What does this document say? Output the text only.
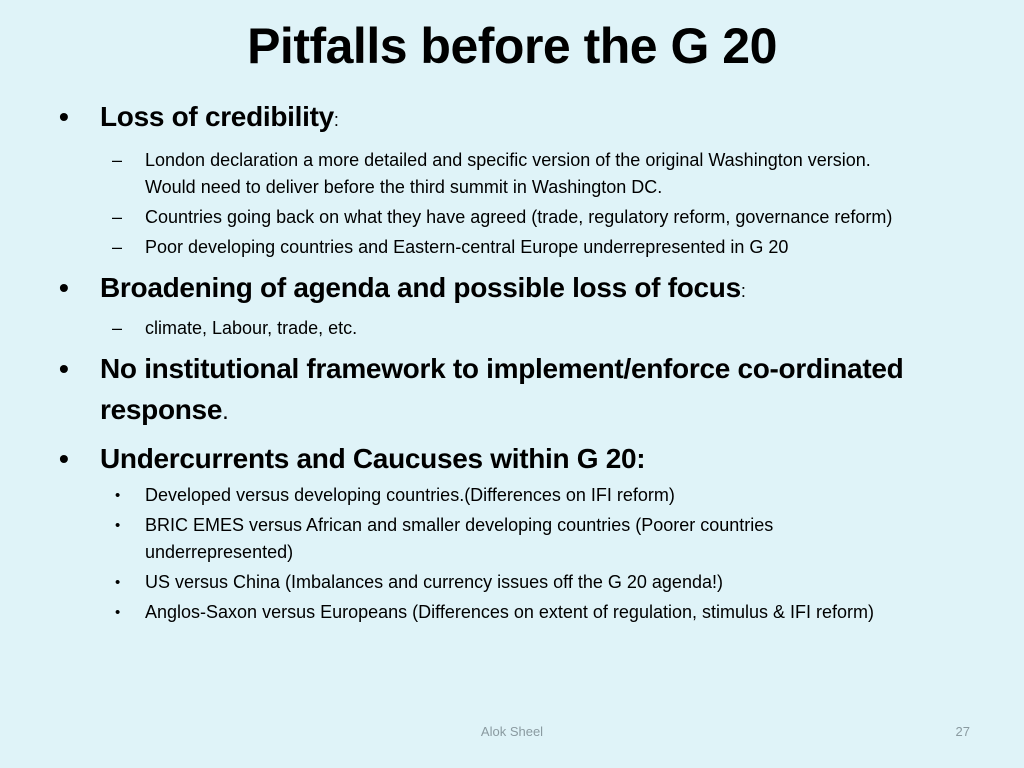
Pitfalls before the G 20
• Loss of credibility:
– London declaration a more detailed and specific version of the original Washington version. Would need to deliver before the third summit in Washington DC.
– Countries going back on what they have agreed (trade, regulatory reform, governance reform)
– Poor developing countries and Eastern-central Europe underrepresented in G 20
• Broadening of agenda and possible loss of focus:
– climate, Labour, trade, etc.
• No institutional framework to implement/enforce co-ordinated response.
• Undercurrents and Caucuses within G 20:
• Developed versus developing countries.(Differences on IFI reform)
• BRIC EMES versus African and smaller developing countries (Poorer countries underrepresented)
• US versus China (Imbalances and currency issues off the G 20 agenda!)
• Anglos-Saxon versus Europeans (Differences on extent of regulation, stimulus & IFI reform)
Alok Sheel	27
